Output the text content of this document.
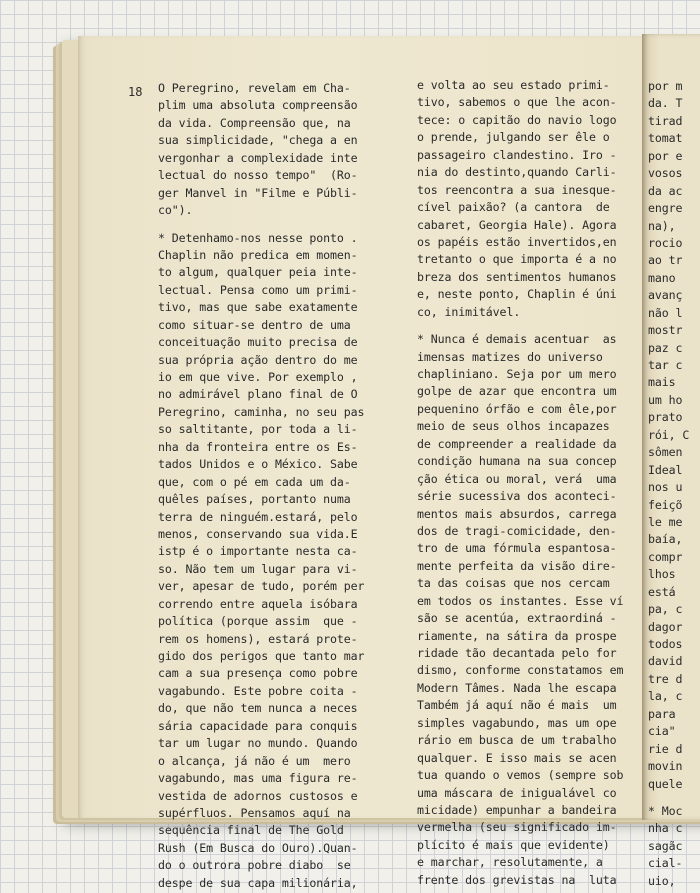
18 O Peregrino, revelam em Cha-
plim uma absoluta compreensão
da vida. Compreensão que, na
sua simplicidade, "chega a en
vergonhar a complexidade inte
lectual do nosso tempo"  (Ro-
ger Manvel in "Filme e Públi-
co").
* Detenhamo-nos nesse ponto .
Chaplin não predica em momen-
to algum, qualquer peia inte-
lectual. Pensa como um primi-
tivo, mas que sabe exatamente
como situar-se dentro de uma
conceituação muito precisa de
sua própria ação dentro do me
io em que vive. Por exemplo ,
no admirável plano final de O
Peregrino, caminha, no seu pas
so saltitante, por toda a li-
nha da fronteira entre os Es-
tados Unidos e o México. Sabe
que, com o pé em cada um da-
quêles países, portanto numa
terra de ninguém.estará, pelo
menos, conservando sua vida.E
istp é o importante nesta ca-
so. Não tem um lugar para vi-
ver, apesar de tudo, porém per
correndo entre aquela isóbara
política (porque assim  que -
rem os homens), estará prote-
gido dos perigos que tanto mar
cam a sua presença como pobre
vagabundo. Este pobre coita -
do, que não tem nunca a neces
sária capacidade para conquis
tar um lugar no mundo. Quando
o alcança, já não é um  mero
vagabundo, mas uma figura re-
vestida de adornos custosos e
supérfluos. Pensamos aquí na
sequência final de The Gold
Rush (Em Busca do Ouro).Quan-
do o outrora pobre diabo  se
despe de sua capa milionária,
e volta ao seu estado primi-
tivo, sabemos o que lhe acon-
tece: o capitão do navio logo
o prende, julgando ser êle o
passageiro clandestino. Iro -
nia do destinto,quando Carli-
tos reencontra a sua inesque-
cível paixão? (a cantora  de
cabaret, Georgia Hale). Agora
os papéis estão invertidos,en
tretanto o que importa é a no
breza dos sentimentos humanos
e, neste ponto, Chaplin é úni
co, inimitável.
* Nunca é demais acentuar  as
imensas matizes do universo
chapliniano. Seja por um mero
golpe de azar que encontra um
pequenino órfão e com êle,por
meio de seus olhos incapazes
de compreender a realidade da
condição humana na sua concep
ção ética ou moral, verá  uma
série sucessiva dos aconteci-
mentos mais absurdos, carrega
dos de tragi-comicidade, den-
tro de uma fórmula espantosa-
mente perfeita da visão dire-
ta das coisas que nos cercam
em todos os instantes. Esse ví
são se acentúa, extraordiná -
riamente, na sátira da prospe
ridade tão decantada pelo for
dismo, conforme constatamos em
Modern Tâmes. Nada lhe escapa
Também já aquí não é mais  um
simples vagabundo, mas um ope
rário em busca de um trabalho
qualquer. E isso mais se acen
tua quando o vemos (sempre sob
uma máscara de inigualável co
micidade) empunhar a bandeira
vermelha (seu significado im-
plícito é mais que evidente)
e marchar, resolutamente, a
frente dos grevistas na  luta
por m
da. T
tirad
tomat
por e
vosos
da ac
engre
na),
rocio
ao tr
mano
avanç
não l
mostr
paz c
tar c
mais
um ho
prato
rói, C
sômen
Ideal
nos u
feiçõ
le me
baía,
compr
lhos
está
pa, c
dagor
todos
david
tre d
la, c
para
cia"
rie d
movin
quele
* Moc
nha c
sagãc
cial-
uio,
